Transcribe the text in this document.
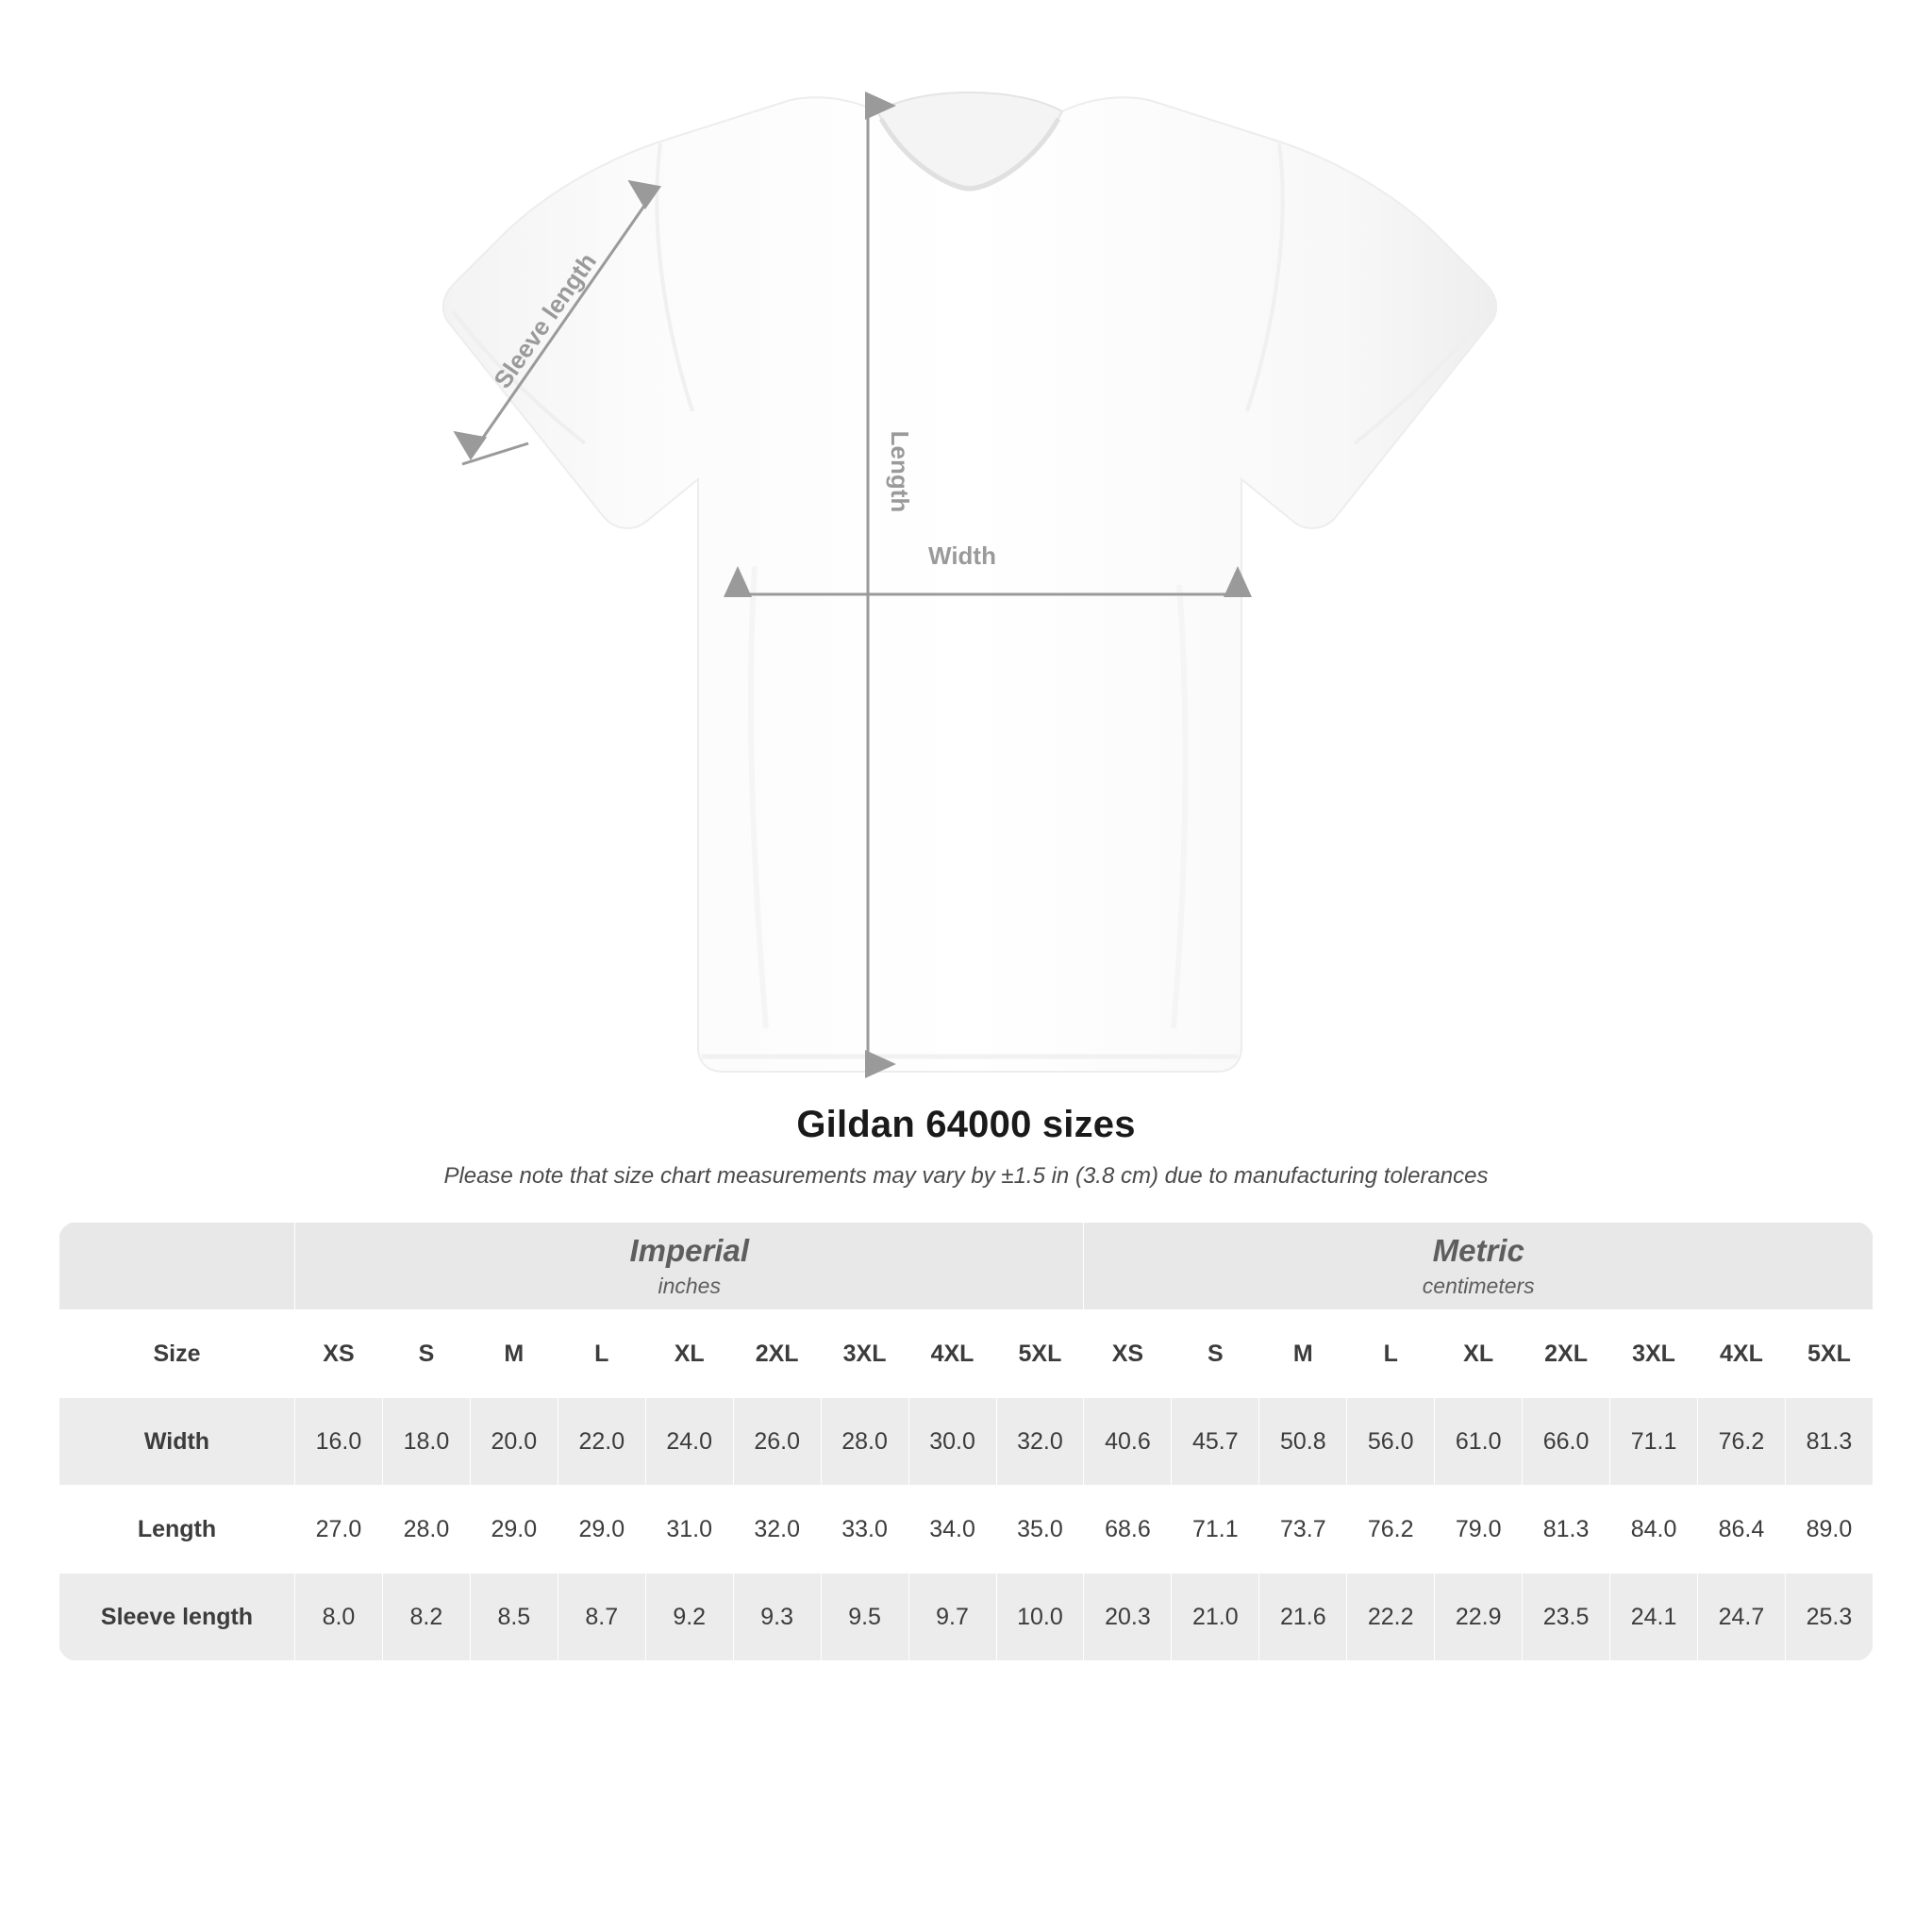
Length
Width
Sleeve length
Gildan 64000 sizes

Please note that size chart measurements may vary by ±1.5 in (3.8 cm) due to manufacturing tolerances

	Imperial
inches									Metric
centimeters								

Size	XS	S	M	L	XL	2XL	3XL	4XL	5XL	XS	S	M	L	XL	2XL	3XL	4XL	5XL
Width	16.0	18.0	20.0	22.0	24.0	26.0	28.0	30.0	32.0	40.6	45.7	50.8	56.0	61.0	66.0	71.1	76.2	81.3
Length	27.0	28.0	29.0	29.0	31.0	32.0	33.0	34.0	35.0	68.6	71.1	73.7	76.2	79.0	81.3	84.0	86.4	89.0
Sleeve length	8.0	8.2	8.5	8.7	9.2	9.3	9.5	9.7	10.0	20.3	21.0	21.6	22.2	22.9	23.5	24.1	24.7	25.3
